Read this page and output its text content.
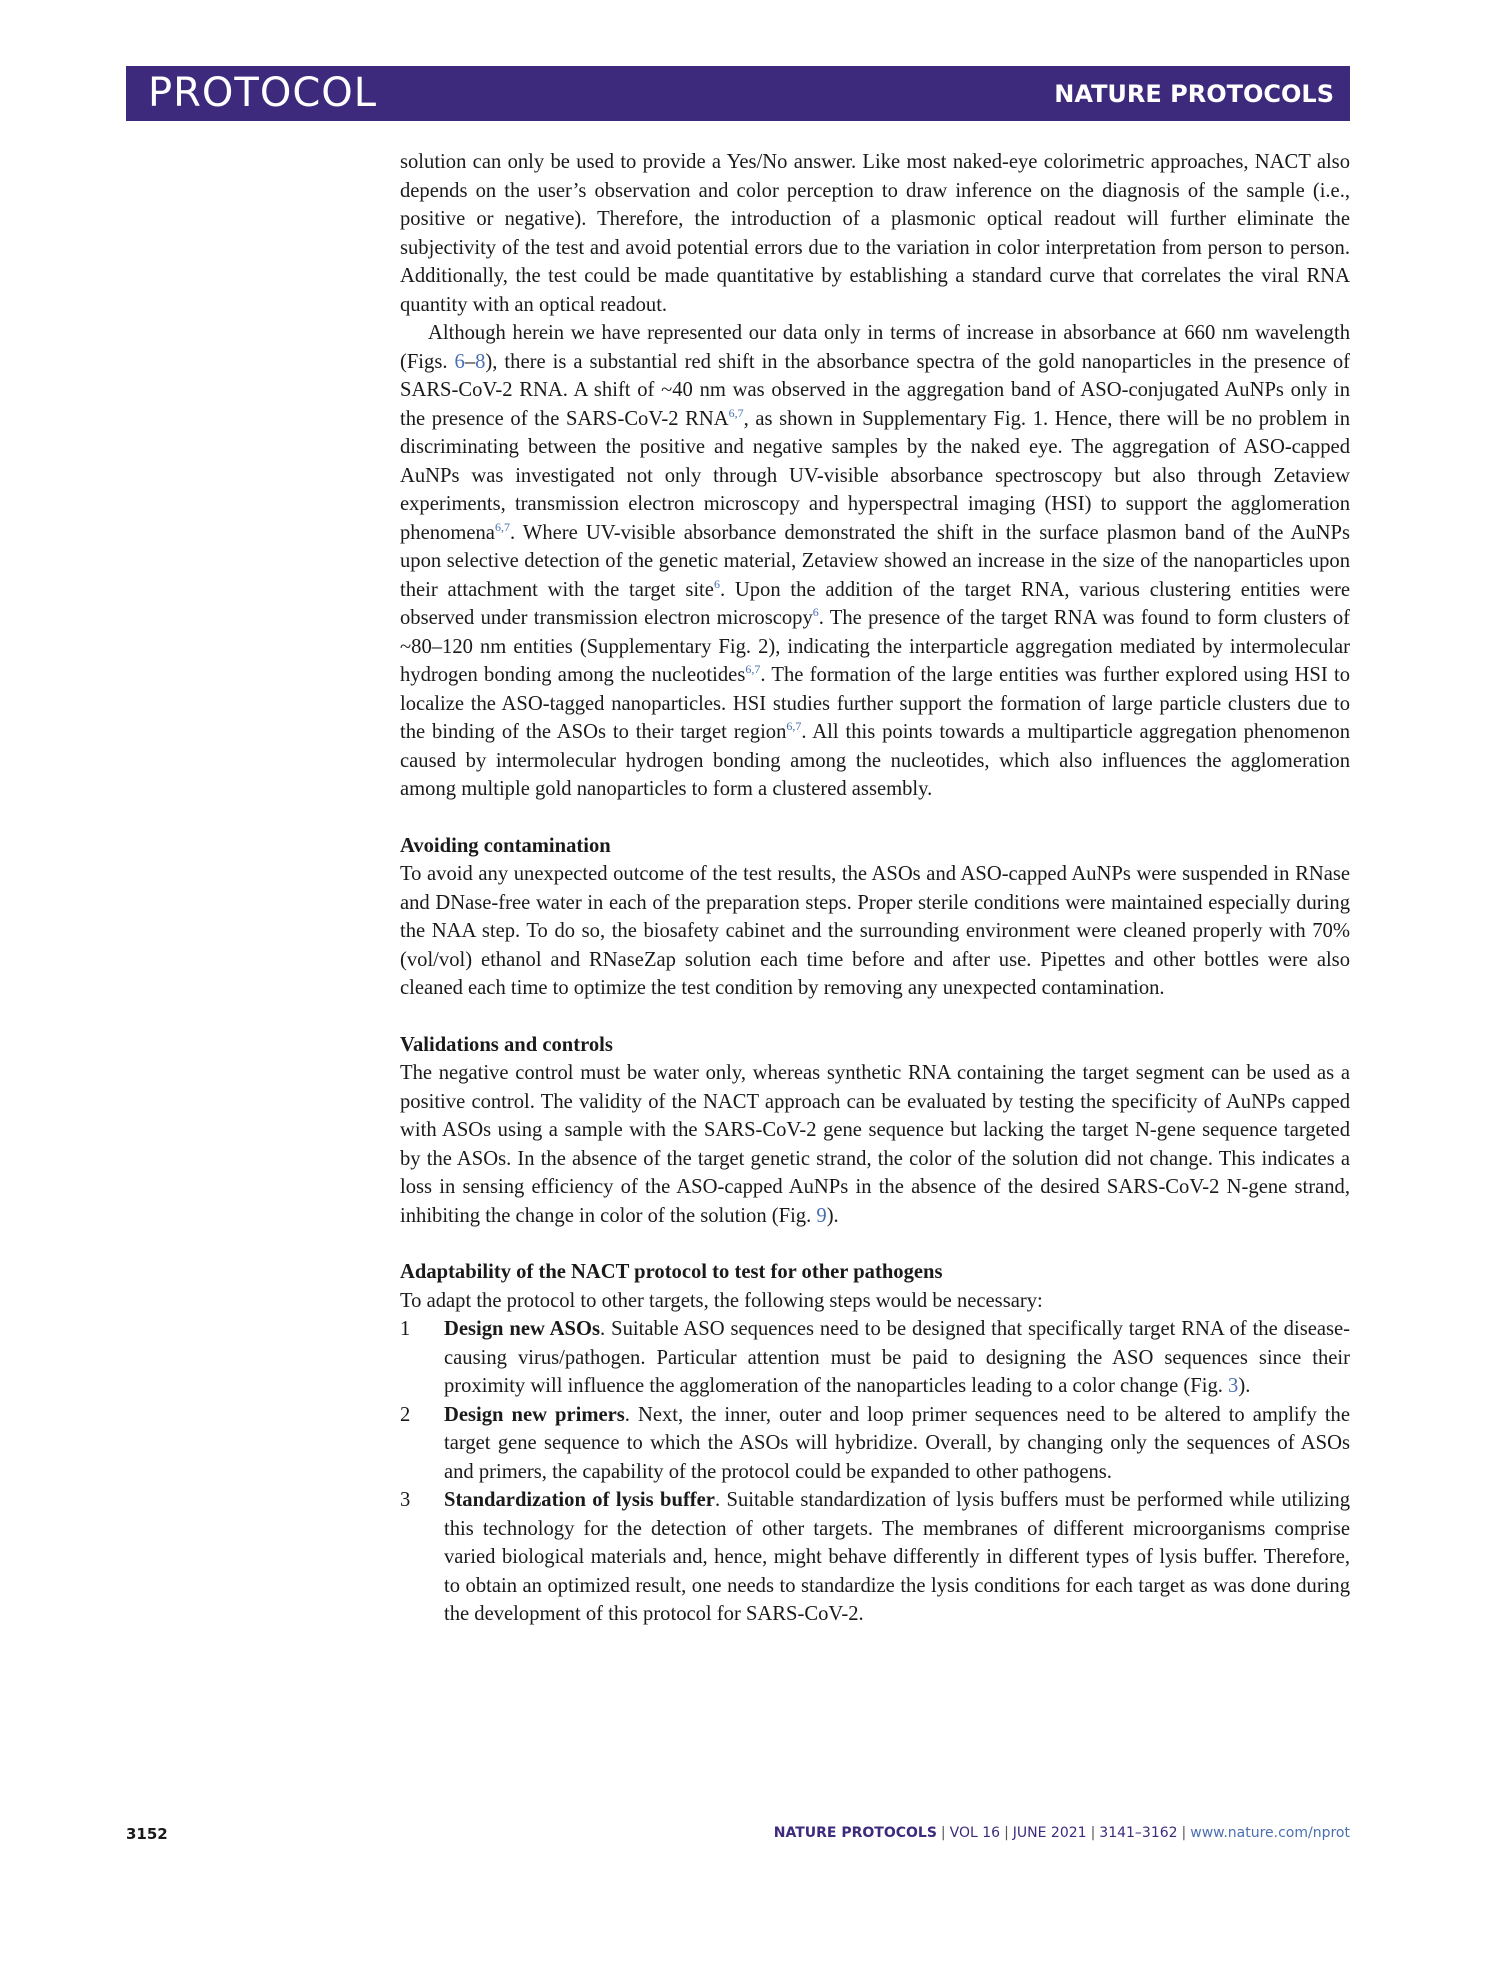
PROTOCOL	NATURE PROTOCOLS

solution can only be used to provide a Yes/No answer. Like most naked-eye colorimetric approaches, NACT also depends on the user’s observation and color perception to draw inference on the diagnosis of the sample (i.e., positive or negative). Therefore, the introduction of a plasmonic optical readout will further eliminate the subjectivity of the test and avoid potential errors due to the variation in color interpretation from person to person. Additionally, the test could be made quantitative by establishing a standard curve that correlates the viral RNA quantity with an optical readout.

Although herein we have represented our data only in terms of increase in absorbance at 660 nm wavelength (Figs. 6–8), there is a substantial red shift in the absorbance spectra of the gold nanoparticles in the presence of SARS-CoV-2 RNA. A shift of ~40 nm was observed in the aggregation band of ASO-conjugated AuNPs only in the presence of the SARS-CoV-2 RNA$^{6,7}$, as shown in Supplementary Fig. 1. Hence, there will be no problem in discriminating between the positive and negative samples by the naked eye. The aggregation of ASO-capped AuNPs was investigated not only through UV-visible absorbance spectroscopy but also through Zetaview experiments, transmission electron microscopy and hyperspectral imaging (HSI) to support the agglomeration phenomena$^{6,7}$. Where UV-visible absorbance demonstrated the shift in the surface plasmon band of the AuNPs upon selective detection of the genetic material, Zetaview showed an increase in the size of the nanoparticles upon their attachment with the target site$^6$. Upon the addition of the target RNA, various clustering entities were observed under transmission electron microscopy$^6$. The presence of the target RNA was found to form clusters of ~80–120 nm entities (Supplementary Fig. 2), indicating the interparticle aggregation mediated by intermolecular hydrogen bonding among the nucleotides$^{6,7}$. The formation of the large entities was further explored using HSI to localize the ASO-tagged nanoparticles. HSI studies further support the formation of large particle clusters due to the binding of the ASOs to their target region$^{6,7}$. All this points towards a multiparticle aggregation phenomenon caused by intermolecular hydrogen bonding among the nucleotides, which also influences the agglomeration among multiple gold nanoparticles to form a clustered assembly.

Avoiding contamination

To avoid any unexpected outcome of the test results, the ASOs and ASO-capped AuNPs were suspended in RNase and DNase-free water in each of the preparation steps. Proper sterile conditions were maintained especially during the NAA step. To do so, the biosafety cabinet and the surrounding environment were cleaned properly with 70% (vol/vol) ethanol and RNaseZap solution each time before and after use. Pipettes and other bottles were also cleaned each time to optimize the test condition by removing any unexpected contamination.

Validations and controls

The negative control must be water only, whereas synthetic RNA containing the target segment can be used as a positive control. The validity of the NACT approach can be evaluated by testing the specificity of AuNPs capped with ASOs using a sample with the SARS-CoV-2 gene sequence but lacking the target N-gene sequence targeted by the ASOs. In the absence of the target genetic strand, the color of the solution did not change. This indicates a loss in sensing efficiency of the ASO-capped AuNPs in the absence of the desired SARS-CoV-2 N-gene strand, inhibiting the change in color of the solution (Fig. 9).

Adaptability of the NACT protocol to test for other pathogens

To adapt the protocol to other targets, the following steps would be necessary:

1 Design new ASOs. Suitable ASO sequences need to be designed that specifically target RNA of the disease-causing virus/pathogen. Particular attention must be paid to designing the ASO sequences since their proximity will influence the agglomeration of the nanoparticles leading to a color change (Fig. 3).
2 Design new primers. Next, the inner, outer and loop primer sequences need to be altered to amplify the target gene sequence to which the ASOs will hybridize. Overall, by changing only the sequences of ASOs and primers, the capability of the protocol could be expanded to other pathogens.
3 Standardization of lysis buffer. Suitable standardization of lysis buffers must be performed while utilizing this technology for the detection of other targets. The membranes of different microorganisms comprise varied biological materials and, hence, might behave differently in different types of lysis buffer. Therefore, to obtain an optimized result, one needs to standardize the lysis conditions for each target as was done during the development of this protocol for SARS-CoV-2.
3152	NATURE PROTOCOLS | VOL 16 | JUNE 2021 | 3141–3162 | www.nature.com/nprot
